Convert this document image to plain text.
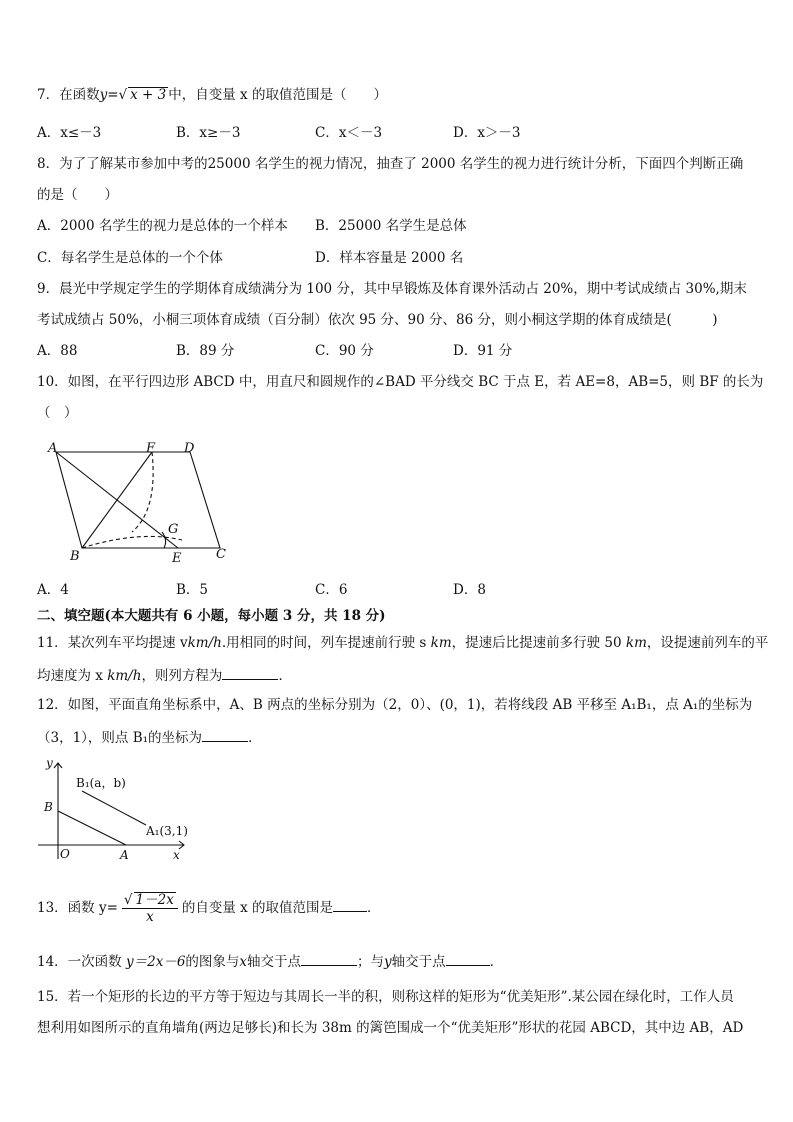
7．在函数y=√ x + 3 中，自变量 x 的取值范围是（　　）
A．x≤－3	B．x≥－3	C．x＜－3	D．x＞－3
8．为了了解某市参加中考的25000 名学生的视力情况，抽查了 2000 名学生的视力进行统计分析，下面四个判断正确
的是（　　）
A．2000 名学生的视力是总体的一个样本 B．25000 名学生是总体
C．每名学生是总体的一个个体	D．样本容量是 2000 名
9．晨光中学规定学生的学期体育成绩满分为 100 分，其中早锻炼及体育课外活动占 20%，期中考试成绩占 30%,期末
考试成绩占 50%，小桐三项体育成绩（百分制）依次 95 分、90 分、86 分，则小桐这学期的体育成绩是(　　　)
A．88	B．89 分	C．90 分	D．91 分
10．如图，在平行四边形 ABCD 中，用直尺和圆规作的∠BAD 平分线交 BC 于点 E，若 AE=8，AB=5，则 BF 的长为
（　）
A	F D
G
B	E	C
A．4	B．5	C．6	D．8
二、填空题(本大题共有 6 小题，每小题 3 分，共 18 分)
11．某次列车平均提速 vkm/h.用相同的时间，列车提速前行驶 s km，提速后比提速前多行驶 50 km，设提速前列车的平
均速度为 x km/h，则列方程为	．
12．如图，平面直角坐标系中，A、B 两点的坐标分别为（2，0）、(0，1)，若将线段 AB 平移至 A₁B₁，点 A₁的坐标为
（3，1），则点 B₁的坐标为	．
y
B₁(a，b)
B
A₁(3,1)
O	A	x
13．函数 $y= \frac{√ 1-2x}{x}$ 的自变量 x 的取值范围是	．
14．一次函数 y＝2x－6的图象与x轴交于点	；与y轴交于点	．
15．若一个矩形的长边的平方等于短边与其周长一半的积，则称这样的矩形为“优美矩形”.某公园在绿化时，工作人员
想利用如图所示的直角墙角(两边足够长)和长为 38m 的篱笆围成一个“优美矩形”形状的花园 ABCD，其中边 AB，AD
